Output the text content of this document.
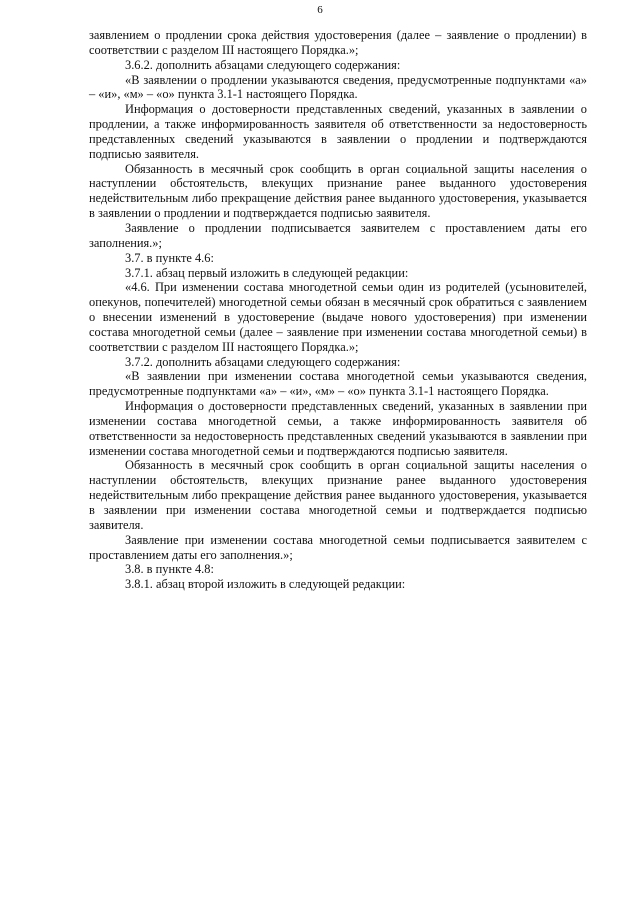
6

заявлением о продлении срока действия удостоверения (далее – заявление о продлении) в соответствии с разделом III настоящего Порядка.»;

3.6.2. дополнить абзацами следующего содержания:

«В заявлении о продлении указываются сведения, предусмотренные подпунктами «а» – «и», «м» – «о» пункта 3.1-1 настоящего Порядка.

Информация о достоверности представленных сведений, указанных в заявлении о продлении, а также информированность заявителя об ответственности за недостоверность представленных сведений указываются в заявлении о продлении и подтверждаются подписью заявителя.

Обязанность в месячный срок сообщить в орган социальной защиты населения о наступлении обстоятельств, влекущих признание ранее выданного удостоверения недействительным либо прекращение действия ранее выданного удостоверения, указывается в заявлении о продлении и подтверждается подписью заявителя.

Заявление о продлении подписывается заявителем с проставлением даты его заполнения.»;

3.7. в пункте 4.6:

3.7.1. абзац первый изложить в следующей редакции:

«4.6. При изменении состава многодетной семьи один из родителей (усыновителей, опекунов, попечителей) многодетной семьи обязан в месячный срок обратиться с заявлением о внесении изменений в удостоверение (выдаче нового удостоверения) при изменении состава многодетной семьи (далее – заявление при изменении состава многодетной семьи) в соответствии с разделом III настоящего Порядка.»;

3.7.2. дополнить абзацами следующего содержания:

«В заявлении при изменении состава многодетной семьи указываются сведения, предусмотренные подпунктами «а» – «и», «м» – «о» пункта 3.1-1 настоящего Порядка.

Информация о достоверности представленных сведений, указанных в заявлении при изменении состава многодетной семьи, а также информированность заявителя об ответственности за недостоверность представленных сведений указываются в заявлении при изменении состава многодетной семьи и подтверждаются подписью заявителя.

Обязанность в месячный срок сообщить в орган социальной защиты населения о наступлении обстоятельств, влекущих признание ранее выданного удостоверения недействительным либо прекращение действия ранее выданного удостоверения, указывается в заявлении при изменении состава многодетной семьи и подтверждается подписью заявителя.

Заявление при изменении состава многодетной семьи подписывается заявителем с проставлением даты его заполнения.»;

3.8. в пункте 4.8:

3.8.1. абзац второй изложить в следующей редакции:
